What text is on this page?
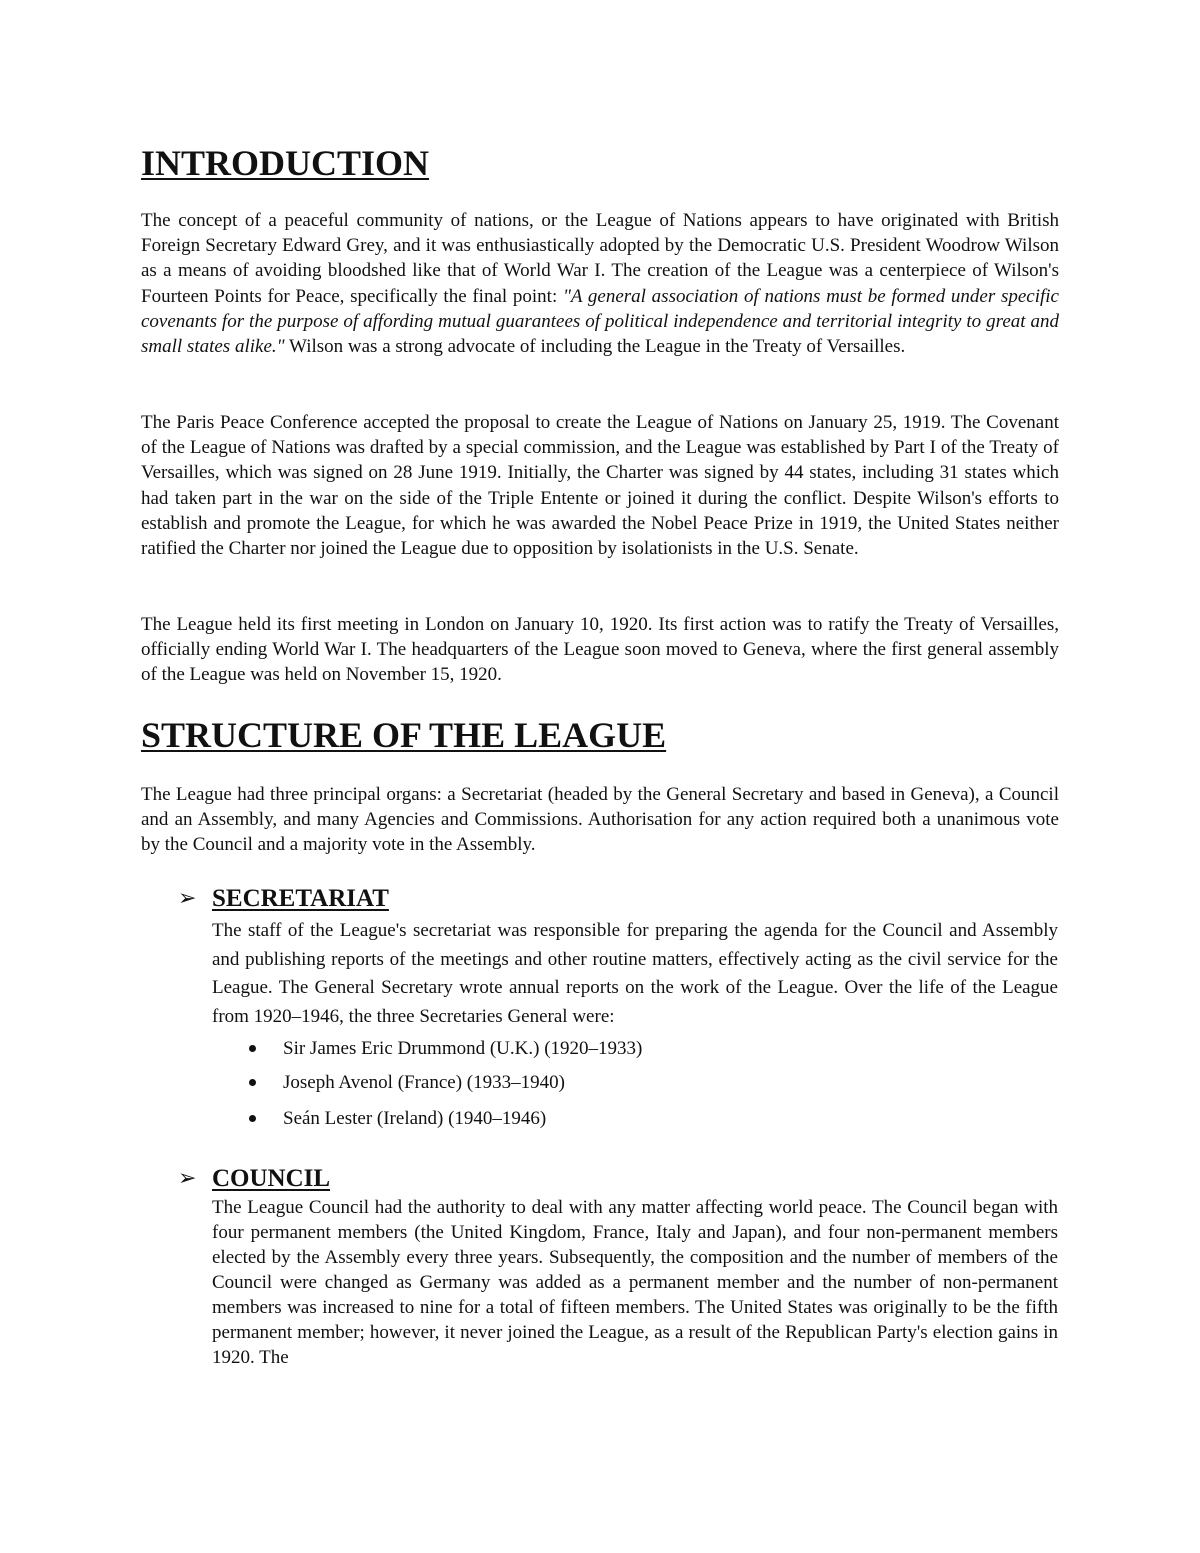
INTRODUCTION

The concept of a peaceful community of nations, or the League of Nations appears to have originated with British Foreign Secretary Edward Grey, and it was enthusiastically adopted by the Democratic U.S. President Woodrow Wilson as a means of avoiding bloodshed like that of World War I. The creation of the League was a centerpiece of Wilson's Fourteen Points for Peace, specifically the final point: "A general association of nations must be formed under specific covenants for the purpose of affording mutual guarantees of political independence and territorial integrity to great and small states alike." Wilson was a strong advocate of including the League in the Treaty of Versailles.

The Paris Peace Conference accepted the proposal to create the League of Nations on January 25, 1919. The Covenant of the League of Nations was drafted by a special commission, and the League was established by Part I of the Treaty of Versailles, which was signed on 28 June 1919. Initially, the Charter was signed by 44 states, including 31 states which had taken part in the war on the side of the Triple Entente or joined it during the conflict. Despite Wilson's efforts to establish and promote the League, for which he was awarded the Nobel Peace Prize in 1919, the United States neither ratified the Charter nor joined the League due to opposition by isolationists in the U.S. Senate.

The League held its first meeting in London on January 10, 1920. Its first action was to ratify the Treaty of Versailles, officially ending World War I. The headquarters of the League soon moved to Geneva, where the first general assembly of the League was held on November 15, 1920.

STRUCTURE OF THE LEAGUE

The League had three principal organs: a Secretariat (headed by the General Secretary and based in Geneva), a Council and an Assembly, and many Agencies and Commissions. Authorisation for any action required both a unanimous vote by the Council and a majority vote in the Assembly.

➢ SECRETARIAT

The staff of the League's secretariat was responsible for preparing the agenda for the Council and Assembly and publishing reports of the meetings and other routine matters, effectively acting as the civil service for the League. The General Secretary wrote annual reports on the work of the League. Over the life of the League from 1920–1946, the three Secretaries General were:

Sir James Eric Drummond (U.K.) (1920–1933)
Joseph Avenol (France) (1933–1940)
Seán Lester (Ireland) (1940–1946)
➢ COUNCIL

The League Council had the authority to deal with any matter affecting world peace. The Council began with four permanent members (the United Kingdom, France, Italy and Japan), and four non-permanent members elected by the Assembly every three years. Subsequently, the composition and the number of members of the Council were changed as Germany was added as a permanent member and the number of non-permanent members was increased to nine for a total of fifteen members. The United States was originally to be the fifth permanent member; however, it never joined the League, as a result of the Republican Party's election gains in 1920. The
